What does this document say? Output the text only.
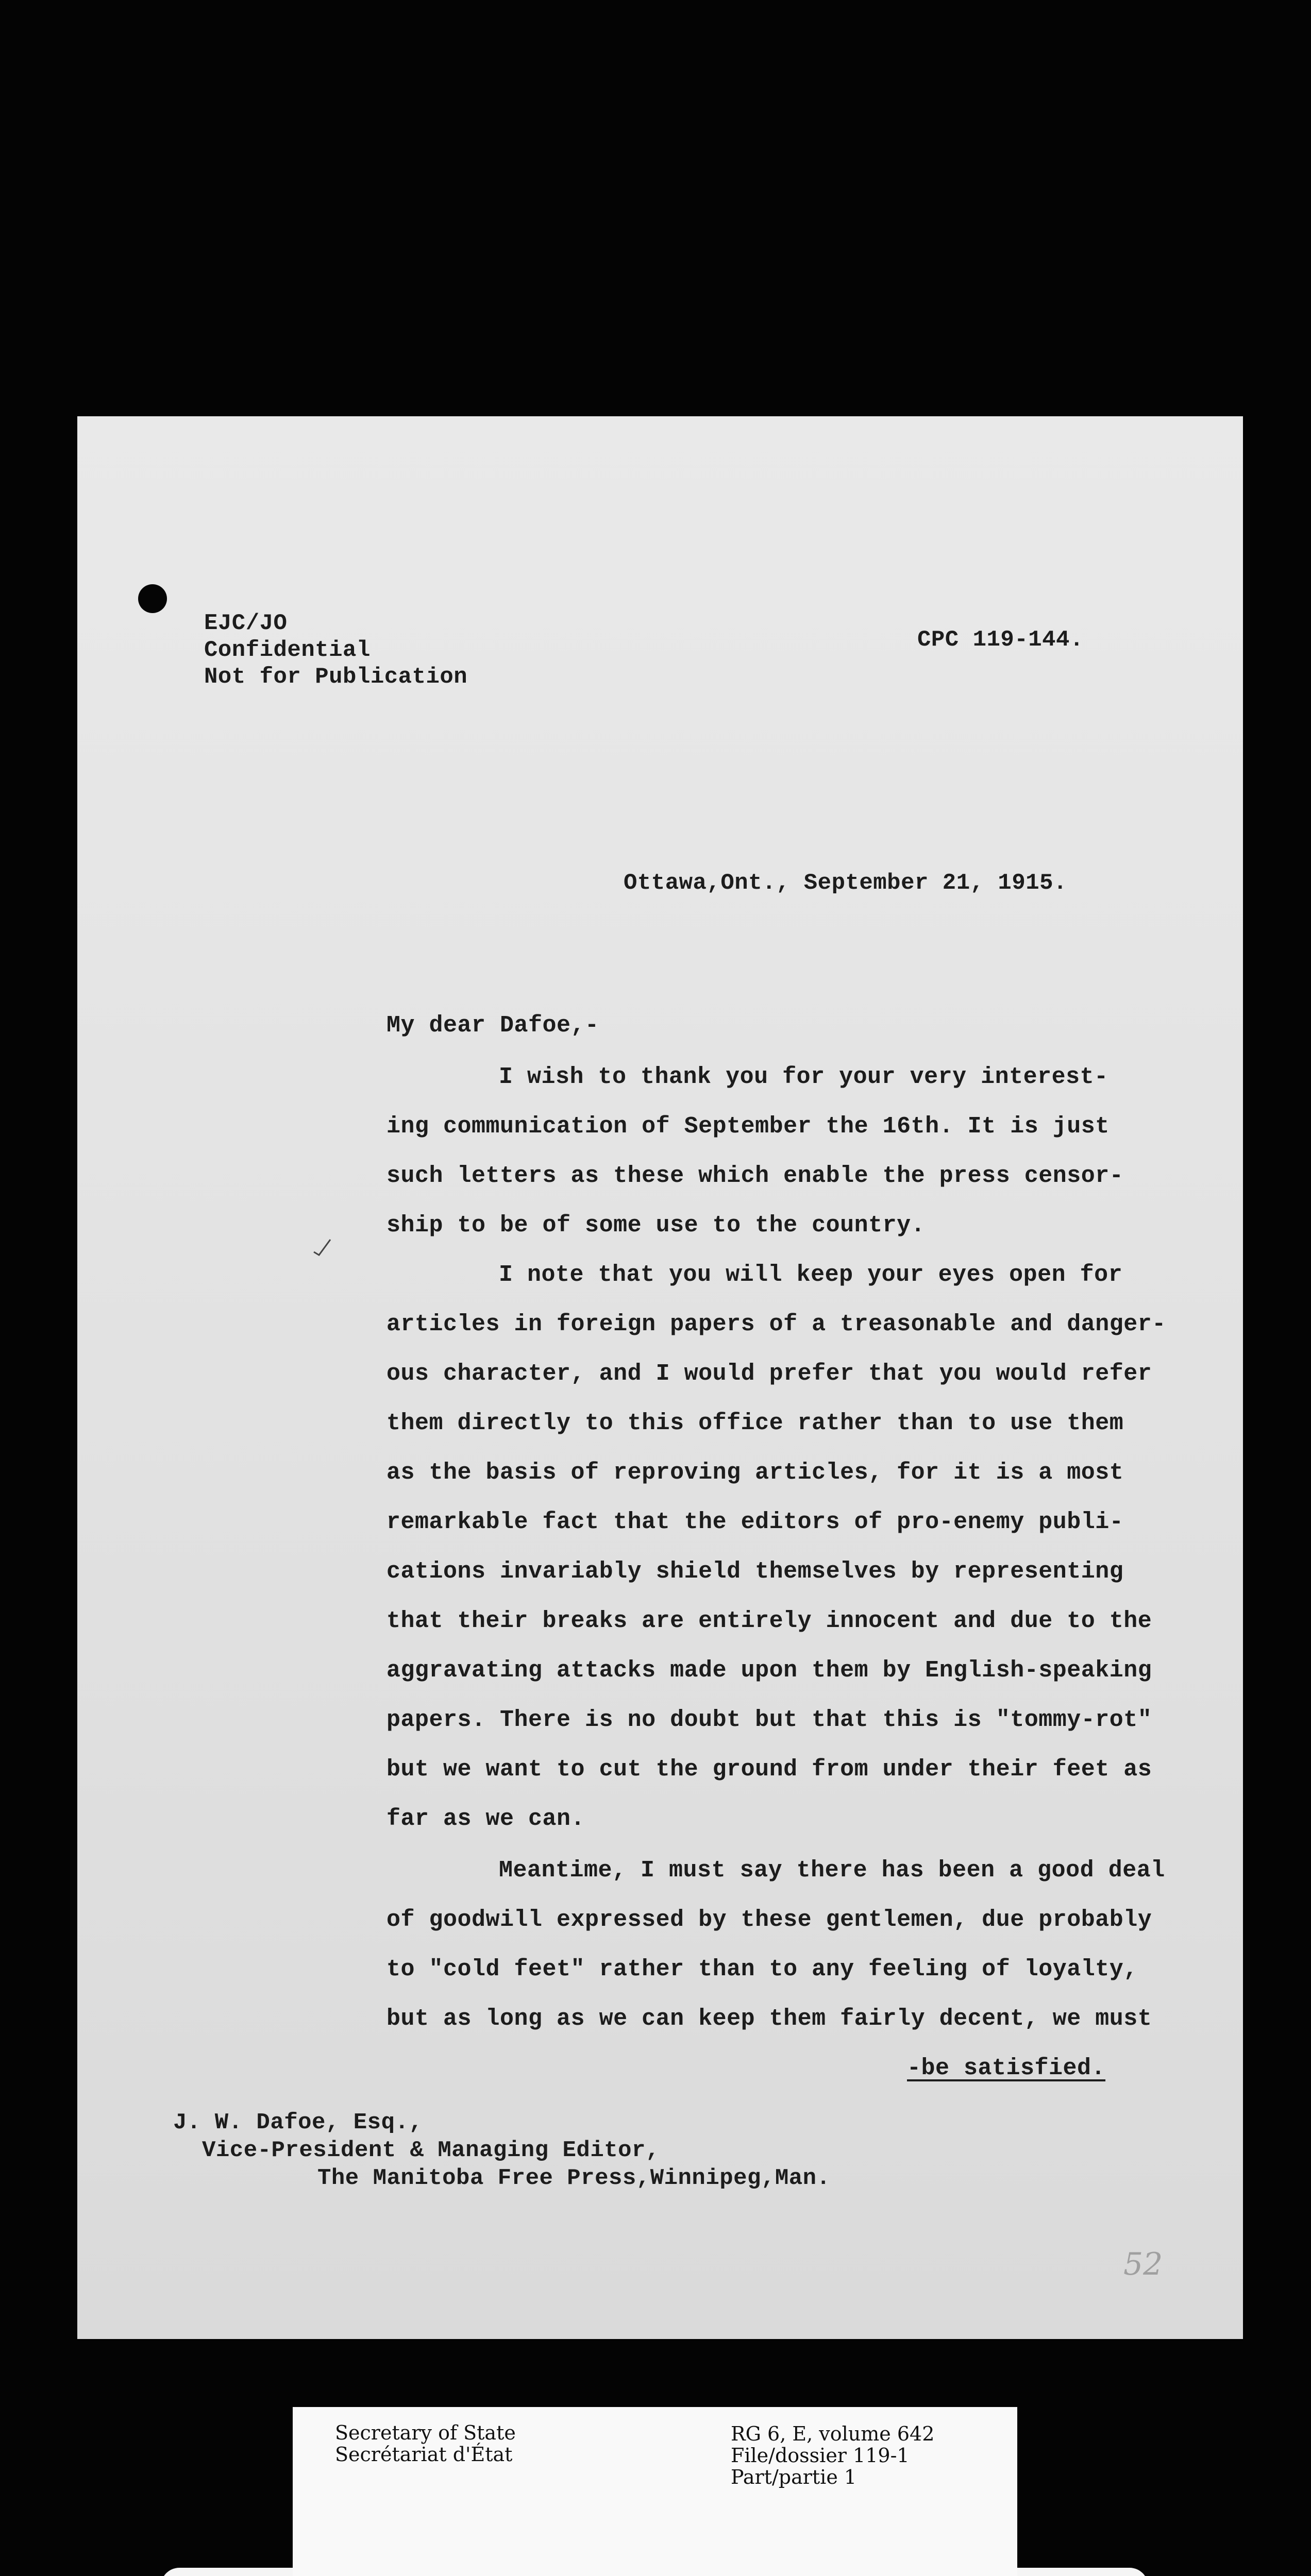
EJC/JO
Confidential
Not for Publication
CPC 119-144.
Ottawa,Ont., September 21, 1915.
My dear Dafoe,-
I wish to thank you for your very interest-
ing communication of September the 16th. It is just
such letters as these which enable the press censor-
ship to be of some use to the country.
I note that you will keep your eyes open for
articles in foreign papers of a treasonable and danger-
ous character, and I would prefer that you would refer
them directly to this office rather than to use them
as the basis of reproving articles, for it is a most
remarkable fact that the editors of pro-enemy publi-
cations invariably shield themselves by representing
that their breaks are entirely innocent and due to the
aggravating attacks made upon them by English-speaking
papers. There is no doubt but that this is "tommy-rot"
but we want to cut the ground from under their feet as
far as we can.
Meantime, I must say there has been a good deal
of goodwill expressed by these gentlemen, due probably
to "cold feet" rather than to any feeling of loyalty,
but as long as we can keep them fairly decent, we must
-be satisfied.
J. W. Dafoe, Esq.,
Vice-President & Managing Editor,
The Manitoba Free Press,Winnipeg,Man.
52
Secretary of State
Secrétariat d'État
RG 6, E, volume 642
File/dossier 119-1
Part/partie 1
